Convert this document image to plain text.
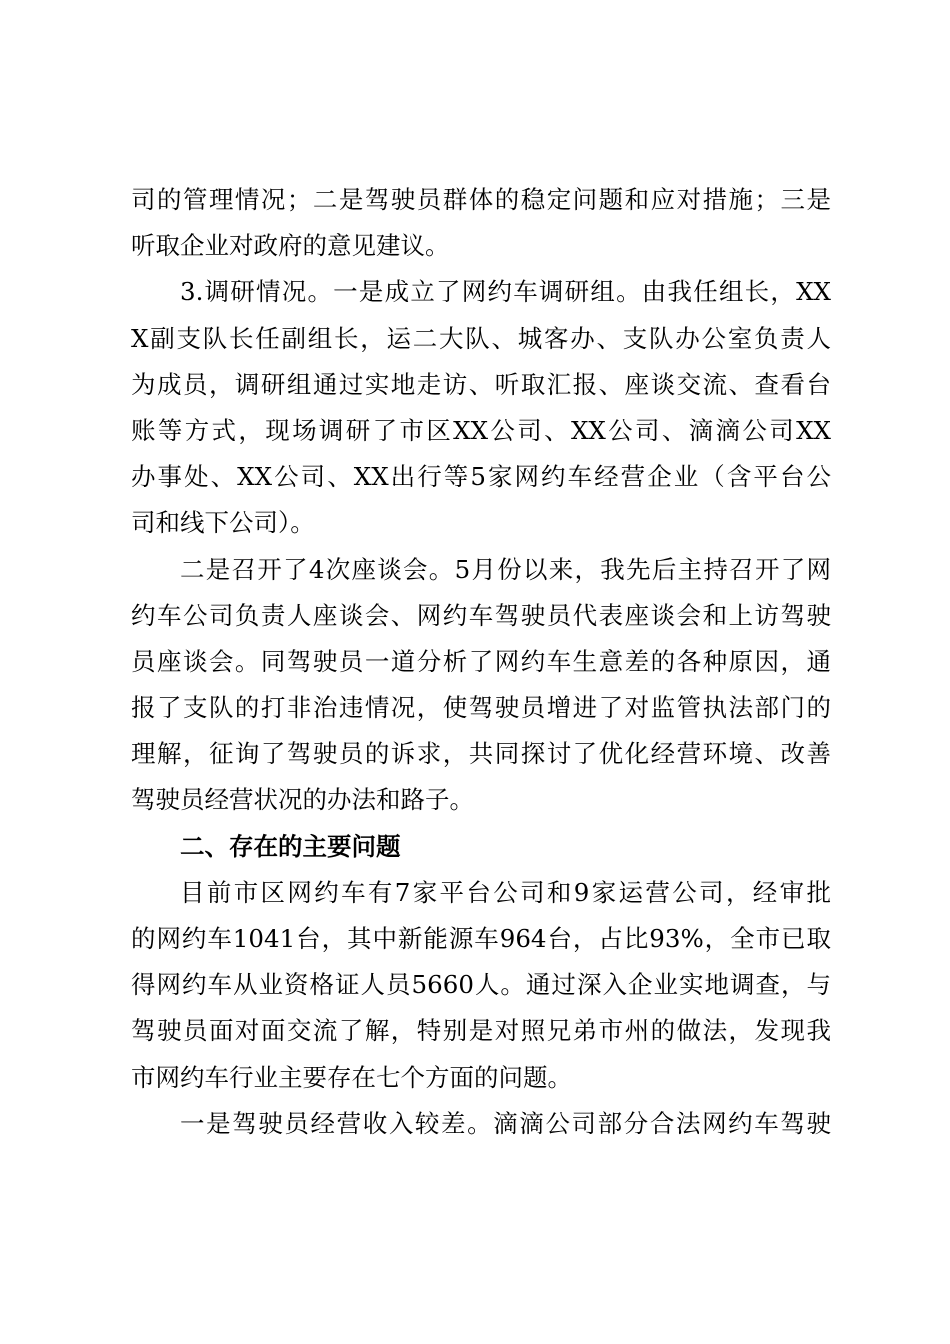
司的管理情况；二是驾驶员群体的稳定问题和应对措施；三是
听取企业对政府的意见建议。
3.调研情况。一是成立了网约车调研组。由我任组长，XX
X副支队长任副组长，运二大队、城客办、支队办公室负责人
为成员，调研组通过实地走访、听取汇报、座谈交流、查看台
账等方式，现场调研了市区XX公司、XX公司、滴滴公司XX
办事处、XX公司、XX出行等5家网约车经营企业（含平台公
司和线下公司）。
二是召开了4次座谈会。5月份以来，我先后主持召开了网
约车公司负责人座谈会、网约车驾驶员代表座谈会和上访驾驶
员座谈会。同驾驶员一道分析了网约车生意差的各种原因，通
报了支队的打非治违情况，使驾驶员增进了对监管执法部门的
理解，征询了驾驶员的诉求，共同探讨了优化经营环境、改善
驾驶员经营状况的办法和路子。
二、存在的主要问题
目前市区网约车有7家平台公司和9家运营公司，经审批
的网约车1041台，其中新能源车964台，占比93%，全市已取
得网约车从业资格证人员5660人。通过深入企业实地调查，与
驾驶员面对面交流了解，特别是对照兄弟市州的做法，发现我
市网约车行业主要存在七个方面的问题。
一是驾驶员经营收入较差。滴滴公司部分合法网约车驾驶
